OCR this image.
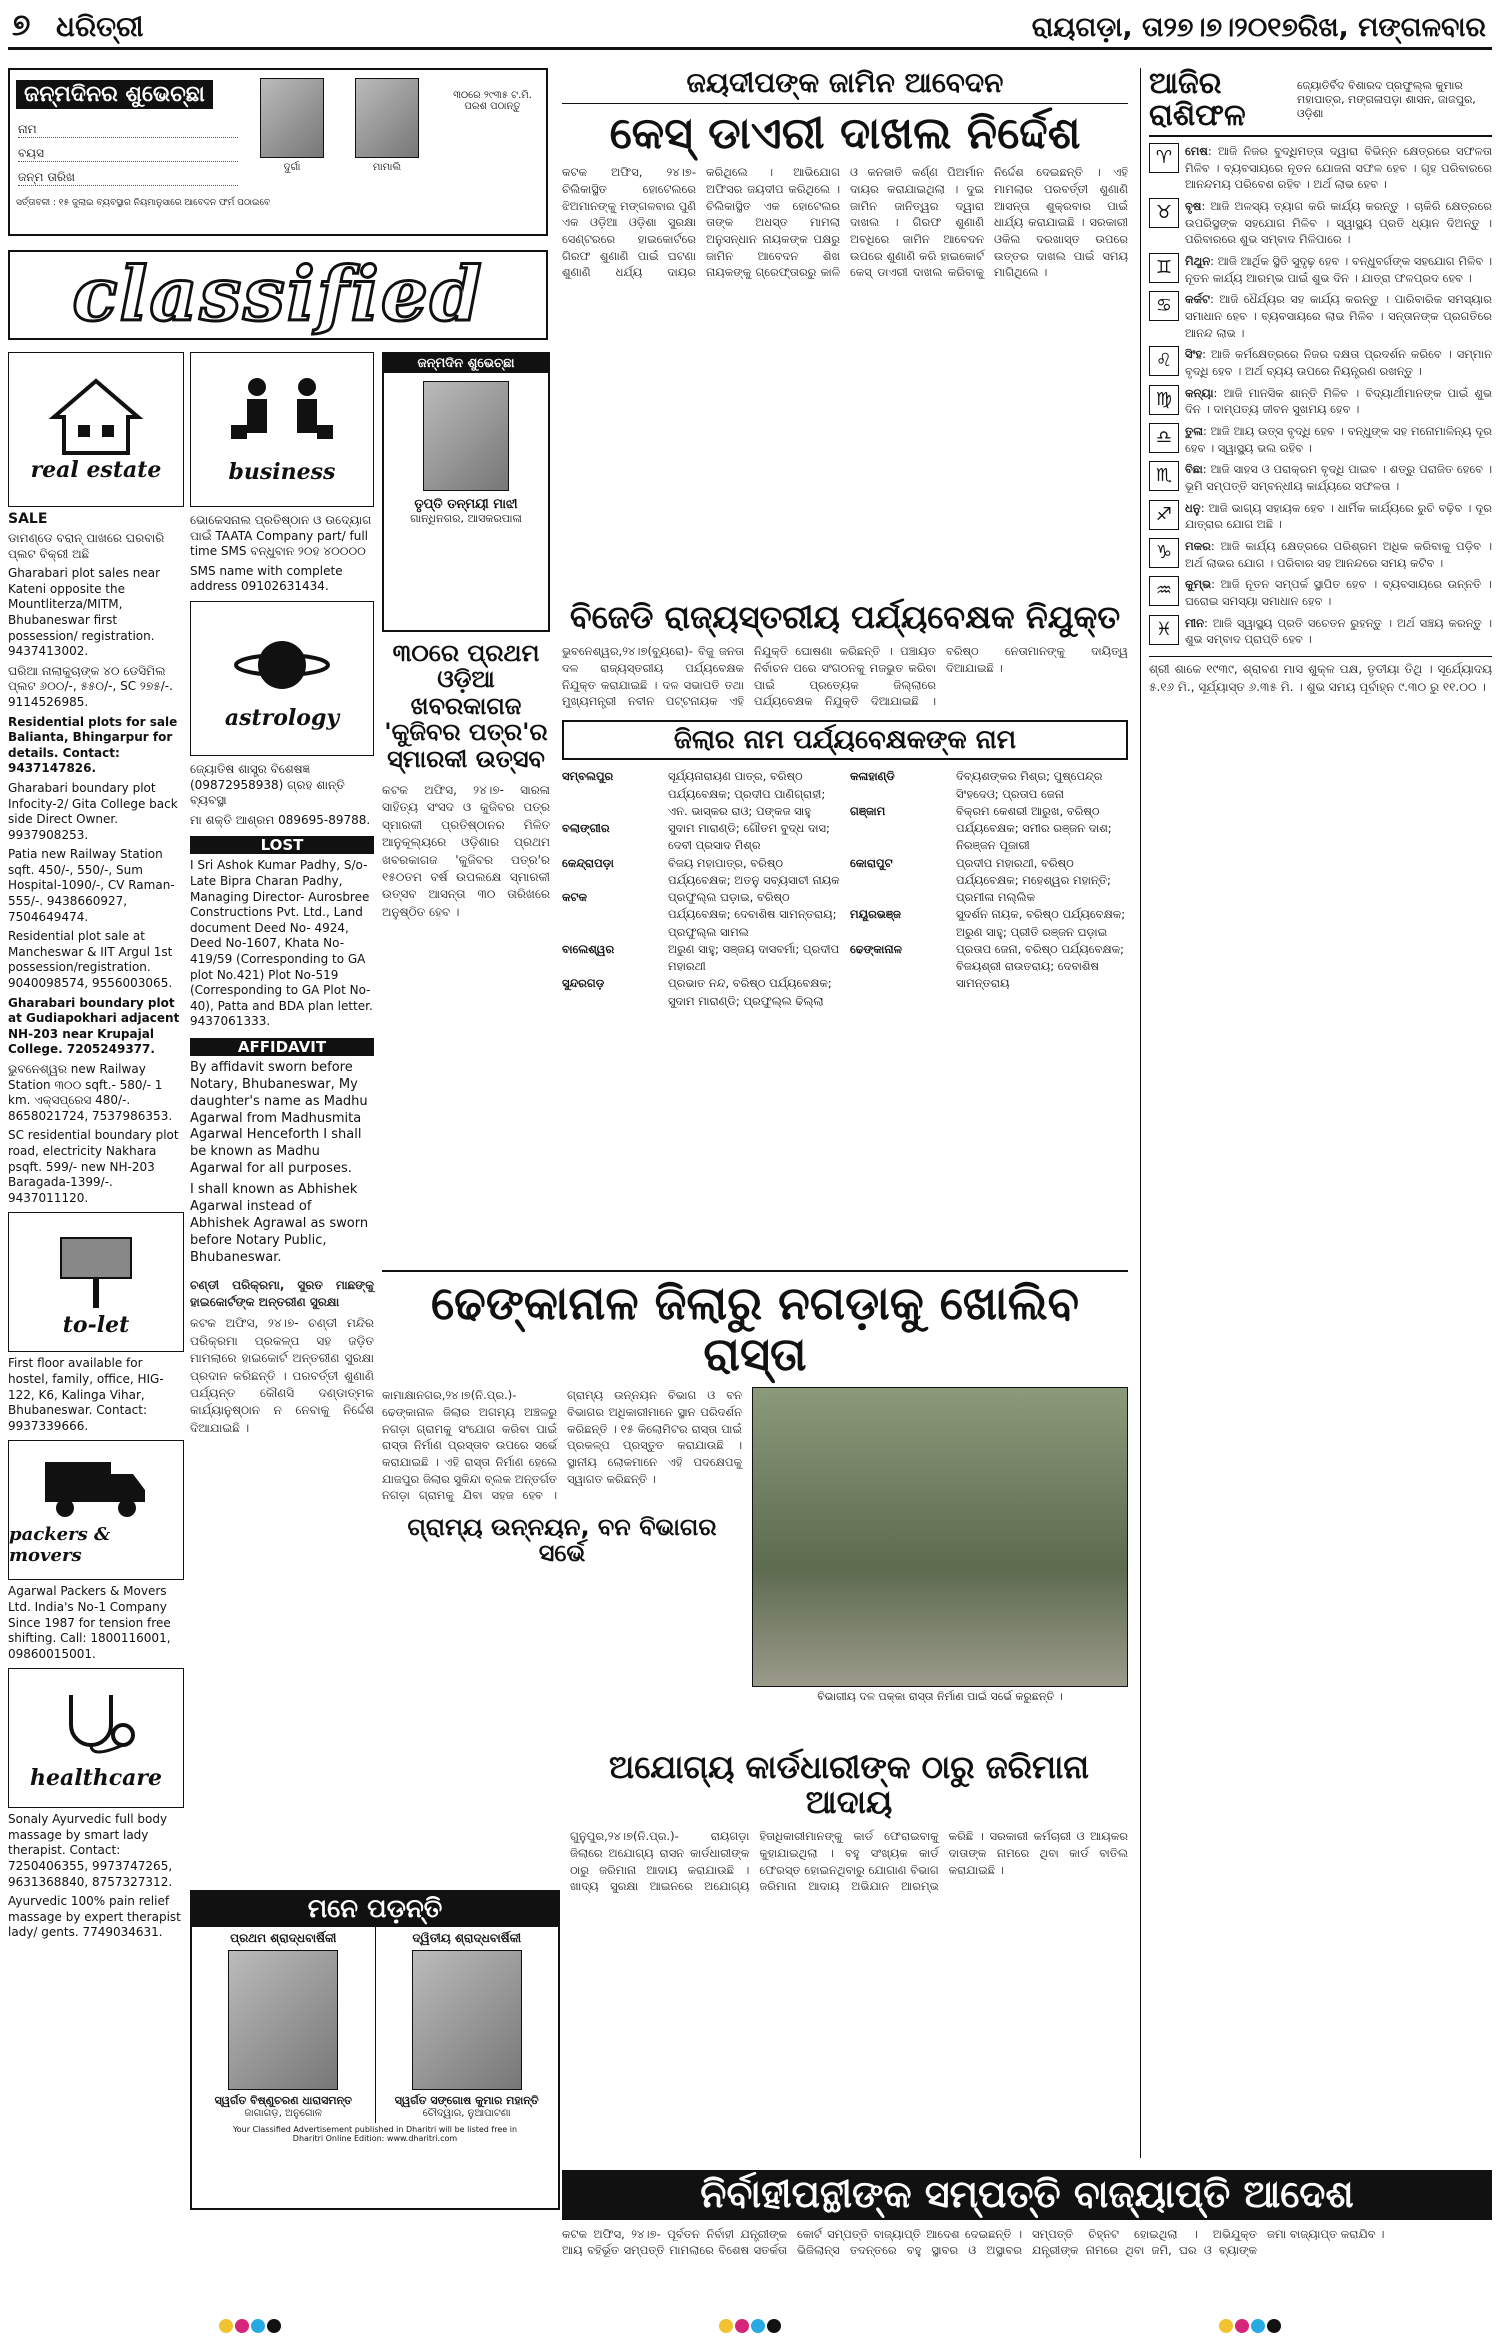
୭ ଧରିତ୍ରୀ	ରାୟଗଡ଼ା, ତା୨୭।୭।୨୦୧୭ରିଖ, ମଙ୍ଗଳବାର
ଜନ୍ମଦିନର ଶୁଭେଚ୍ଛା
ନାମ
ବୟସ
ଜନ୍ମ ତାରିଖ
ଦୁର୍ଗା	ମାମାଲି
୩୦ରେ ୨୯୩୫ ଟ.ମି. ପରଶ ପଠାନ୍ତୁ
ସର୍ତ୍ତାବଳୀ : ୧୫ ଜୁଲାଇ ବ୍ୟବସ୍ଥାର ନିୟମାନୁସାରେ ଆବେଦନ ଫର୍ମ ପଠାଇବେ
classified
real estate
SALE
ଡାମଣ୍ଡେ ବରାନ୍ ପାଖରେ ଘରବାରି ପ୍ଲଟ ବିକ୍ରୀ ଅଛି
Gharabari plot sales near Kateni opposite the Mountliterza/MITM, Bhubaneswar first possession/ registration. 9437413002.
ଘରିଆ ନାଲାକୁଚାଙ୍କ ୪୦ ଡେସିମିଲ ପ୍ଲଟ ୬୦୦/-, ୫୫୦/-, SC ୨୭୫/-. 9114526985.
Residential plots for sale Balianta, Bhingarpur for details. Contact: 9437147826.
Gharabari boundary plot Infocity-2/ Gita College back side Direct Owner. 9937908253.
Patia new Railway Station sqft. 450/-, 550/-, Sum Hospital-1090/-, CV Raman-555/-. 9438660927, 7504649474.
Residential plot sale at Mancheswar & IIT Argul 1st possession/registration. 9040098574, 9556003065.
Gharabari boundary plot at Gudiapokhari adjacent NH-203 near Krupajal College. 7205249377.
ଭୁବନେଶ୍ୱର new Railway Station ୩୦୦ sqft.- 580/- 1 km. ଏକ୍ସପ୍ରେସ 480/-. 8658021724, 7537986353.
SC residential boundary plot road, electricity Nakhara psqft. 599/- new NH-203 Baragada-1399/-. 9437011120.
to-let
First floor available for hostel, family, office, HIG-122, K6, Kalinga Vihar, Bhubaneswar. Contact: 9937339666.
packers & movers
Agarwal Packers & Movers Ltd. India's No-1 Company Since 1987 for tension free shifting. Call: 1800116001, 09860015001.
healthcare
Sonaly Ayurvedic full body massage by smart lady therapist. Contact: 7250406355, 9973747265, 9631368840, 8757327312.
Ayurvedic 100% pain relief massage by expert therapist lady/ gents. 7749034631.
business
ଭୋକେସନାଲ ପ୍ରତିଷ୍ଠାନ ଓ ଉଦ୍ୟୋଗ ପାଇଁ TAATA Company part/ full time SMS ବନ୍ଧୁବାନ ୨୦ହ ୪୦୦୦୦
SMS name with complete address 09102631434.
astrology
ଜ୍ୟୋତିଷ ଶାସ୍ତ୍ର ବିଶେଷଜ୍ଞ (09872958938) ଗ୍ରହ ଶାନ୍ତି ବ୍ୟବସ୍ଥା
ମା ଶକ୍ତି ଆଶ୍ରମ 089695-89788.
LOST
I Sri Ashok Kumar Padhy, S/o- Late Bipra Charan Padhy, Managing Director- Aurosbree Constructions Pvt. Ltd., Land document Deed No- 4924, Deed No-1607, Khata No- 419/59 (Corresponding to GA plot No.421) Plot No-519 (Corresponding to GA Plot No-40), Patta and BDA plan letter. 9437061333.
AFFIDAVIT
By affidavit sworn before Notary, Bhubaneswar, My daughter's name as Madhu Agarwal from Madhusmita Agarwal Henceforth I shall be known as Madhu Agarwal for all purposes.
I shall known as Abhishek Agarwal instead of Abhishek Agrawal as sworn before Notary Public, Bhubaneswar.
ଚଣ୍ଡୀ ପରିକ୍ରମା, ସୁରତ ମାଛଙ୍କୁ ହାଇକୋର୍ଟଙ୍କ ଅନ୍ତରୀଣ ସୁରକ୍ଷା
କଟକ ଅଫିସ, ୨୪।୭- ଚଣ୍ଡୀ ମନ୍ଦିର ପରିକ୍ରମା ପ୍ରକଳ୍ପ ସହ ଜଡ଼ିତ ମାମଲାରେ ହାଇକୋର୍ଟ ଅନ୍ତରୀଣ ସୁରକ୍ଷା ପ୍ରଦାନ କରିଛନ୍ତି । ପରବର୍ତ୍ତୀ ଶୁଣାଣି ପର୍ଯ୍ୟନ୍ତ କୌଣସି ଦଣ୍ଡାତ୍ମକ କାର୍ଯ୍ୟାନୁଷ୍ଠାନ ନ ନେବାକୁ ନିର୍ଦ୍ଦେଶ ଦିଆଯାଇଛି ।
ଜନ୍ମଦିନ ଶୁଭେଚ୍ଛା
ତୃପ୍ତି ତନ୍ମୟୀ ମାଝୀ
ଗାନ୍ଧିନଗର, ଆସକରପାଳା
୩୦ରେ ପ୍ରଥମ ଓଡ଼ିଆ ଖବରକାଗଜ 'କୁଜିବର ପତ୍ର'ର ସ୍ମାରକୀ ଉତ୍ସବ
କଟକ ଅଫିସ, ୨୪।୭- ସାରଳା ସାହିତ୍ୟ ସଂସଦ ଓ କୁଜିବର ପତ୍ର ସ୍ମାରକୀ ପ୍ରତିଷ୍ଠାନର ମିଳିତ ଆନୁକୂଲ୍ୟରେ ଓଡ଼ିଶାର ପ୍ରଥମ ଖବରକାଗଜ 'କୁଜିବର ପତ୍ର'ର ୧୫୦ତମ ବର୍ଷ ଉପଲକ୍ଷେ ସ୍ମାରକୀ ଉତ୍ସବ ଆସନ୍ତା ୩୦ ତାରିଖରେ ଅନୁଷ୍ଠିତ ହେବ ।
ଜୟଦୀପଙ୍କ ଜାମିନ ଆବେଦନ
କେସ୍ ଡାଏରୀ ଦାଖଲ ନିର୍ଦ୍ଦେଶ
କଟକ ଅଫିସ, ୨୪।୭- ଚିଲିକାସ୍ଥିତ ହୋଟେଲରେ ଝିଅମାନଙ୍କୁ ମଙ୍ଗଳବାର ପୁଣି ଏକ ଓଡ଼ିଆ ଓଡ଼ିଶା ସୁରକ୍ଷା ସେଣ୍ଟରରେ ହାଇକୋର୍ଟରେ ଗିରଫ ଶୁଣାଣି ପାଇଁ ଘଟଣା ଶୁଣାଣି ଧର୍ଯ୍ୟ ଦାୟର କରିଥିଲେ । ଆଭିଯୋଗ ଅଫିସର ଜୟଦୀପ କରିଥିଲେ । ଚିଲିକାସ୍ଥିତ ଏକ ହୋଟେଲର ତାଙ୍କ ଅଧସ୍ତ ମାମଲା ଅନୁସନ୍ଧାନ ନାୟକଙ୍କ ପକ୍ଷରୁ ଜାମିନ ଆବେଦନ ଶିଖ ନାୟକଙ୍କୁ ଗ୍ରେଫ୍ତାରରୁ କାଳି ଓ କନଜାତି କର୍ଣ୍ଣ ପିଅର୍ମାନ ଦାୟର କରାଯାଇଥିଲା । ଦୁଇ ଜାମିନ ଜାନିତ୍ୱର ଦ୍ୱାରା ଦାଖଲ । ଗିରଫ ଶୁଣାଣି ଅବଧିରେ ଜାମିନ ଆବେଦନ ଉପରେ ଶୁଣାଣି କରି ହାଇକୋର୍ଟ କେସ୍ ଡାଏରୀ ଦାଖଲ କରିବାକୁ ନିର୍ଦ୍ଦେଶ ଦେଇଛନ୍ତି । ଏହି ମାମଲାର ପରବର୍ତ୍ତୀ ଶୁଣାଣି ଆସନ୍ତା ଶୁକ୍ରବାର ପାଇଁ ଧାର୍ଯ୍ୟ କରାଯାଇଛି । ସରକାରୀ ଓକିଲ ଦରଖାସ୍ତ ଉପରେ ଉତ୍ତର ଦାଖଲ ପାଇଁ ସମୟ ମାଗିଥିଲେ ।
ବିଜେଡି ରାଜ୍ୟସ୍ତରୀୟ ପର୍ଯ୍ୟବେକ୍ଷକ ନିଯୁକ୍ତ
ଭୁବନେଶ୍ୱର,୨୪।୭(ବ୍ୟୁରୋ)- ବିଜୁ ଜନତା ଦଳ ରାଜ୍ୟସ୍ତରୀୟ ପର୍ଯ୍ୟବେକ୍ଷକ ନିଯୁକ୍ତ କରାଯାଇଛି । ଦଳ ସଭାପତି ତଥା ମୁଖ୍ୟମନ୍ତ୍ରୀ ନବୀନ ପଟ୍ଟନାୟକ ଏହି ନିଯୁକ୍ତି ଘୋଷଣା କରିଛନ୍ତି । ପଞ୍ଚାୟତ ନିର୍ବାଚନ ପରେ ସଂଗଠନକୁ ମଜଭୁତ କରିବା ପାଇଁ ପ୍ରତ୍ୟେକ ଜିଲ୍ଲାରେ ପର୍ଯ୍ୟବେକ୍ଷକ ନିଯୁକ୍ତି ଦିଆଯାଇଛି । ବରିଷ୍ଠ ନେତାମାନଙ୍କୁ ଦାୟିତ୍ୱ ଦିଆଯାଇଛି ।
ଜିଲାର ନାମ ପର୍ଯ୍ୟବେକ୍ଷକଙ୍କ ନାମ
ସମ୍ବଲପୁର	ସୂର୍ଯ୍ୟନାରାୟଣ ପାତ୍ର, ବରିଷ୍ଠ ପର୍ଯ୍ୟବେକ୍ଷକ; ପ୍ରଦୀପ ପାଣିଗ୍ରାହୀ; ଏନ. ଭାସ୍କର ରାଓ; ପଙ୍କଜ ସାହୁ
ବଲାଙ୍ଗୀର	ସୁଦାମ ମାରାଣ୍ଡି; ଗୌତମ ବୁଦ୍ଧ ଦାସ; ଦେବୀ ପ୍ରସାଦ ମିଶ୍ର
କେନ୍ଦ୍ରାପଡ଼ା	ବିଜୟ ମହାପାତ୍ର, ବରିଷ୍ଠ ପର୍ଯ୍ୟବେକ୍ଷକ; ଅତନୁ ସବ୍ୟସାଚୀ ନାୟକ
କଟକ	ପ୍ରଫୁଲ୍ଲ ଘଡ଼ାଇ, ବରିଷ୍ଠ ପର୍ଯ୍ୟବେକ୍ଷକ; ଦେବାଶିଷ ସାମନ୍ତରାୟ; ପ୍ରଫୁଲ୍ଲ ସାମଲ
ବାଲେଶ୍ୱର	ଅରୁଣ ସାହୁ; ସଞ୍ଜୟ ଦାସବର୍ମା; ପ୍ରଦୀପ ମହାରଥୀ
ସୁନ୍ଦରଗଡ଼	ପ୍ରଭାତ ନନ୍ଦ, ବରିଷ୍ଠ ପର୍ଯ୍ୟବେକ୍ଷକ; ସୁଦାମ ମାରାଣ୍ଡି; ପ୍ରଫୁଲ୍ଲ ଢିଲ୍ଲା
କଳାହାଣ୍ଡି	ଦିବ୍ୟଶଙ୍କର ମିଶ୍ର; ପୁଷ୍ପେନ୍ଦ୍ର ସିଂହଦେଓ; ପ୍ରତାପ ଜେନା
ଗଞ୍ଜାମ	ବିକ୍ରମ କେଶରୀ ଆରୁଖ, ବରିଷ୍ଠ ପର୍ଯ୍ୟବେକ୍ଷକ; ସମୀର ରଞ୍ଜନ ଦାଶ; ନିରଞ୍ଜନ ପୂଜାରୀ
କୋରାପୁଟ	ପ୍ରଦୀପ ମହାରଥୀ, ବରିଷ୍ଠ ପର୍ଯ୍ୟବେକ୍ଷକ; ମହେଶ୍ୱର ମହାନ୍ତି; ପ୍ରମୀଳା ମଲ୍ଲିକ
ମୟୂରଭଞ୍ଜ	ସୁଦର୍ଶନ ନାୟକ, ବରିଷ୍ଠ ପର୍ଯ୍ୟବେକ୍ଷକ; ଅରୁଣ ସାହୁ; ପ୍ରୀତି ରଞ୍ଜନ ଘଡ଼ାଇ
ଢେଙ୍କାନାଳ	ପ୍ରତାପ ଜେନା, ବରିଷ୍ଠ ପର୍ଯ୍ୟବେକ୍ଷକ; ବିଜୟଶ୍ରୀ ରାଉତରାୟ; ଦେବାଶିଷ ସାମନ୍ତରାୟ
ଢେଙ୍କାନାଳ ଜିଲାରୁ ନଗଡ଼ାକୁ ଖୋଲିବ ରାସ୍ତା
କାମାକ୍ଷାନଗର,୨୪।୭(ନି.ପ୍ର.)- ଢେଙ୍କାନାଳ ଜିଲାର ଅଗମ୍ୟ ଅଞ୍ଚଳରୁ ନଗଡ଼ା ଗ୍ରାମକୁ ସଂଯୋଗ କରିବା ପାଇଁ ରାସ୍ତା ନିର୍ମାଣ ପ୍ରସ୍ତାବ ଉପରେ ସର୍ଭେ କରାଯାଇଛି । ଏହି ରାସ୍ତା ନିର୍ମାଣ ହେଲେ ଯାଜପୁର ଜିଲାର ସୁକିନ୍ଦା ବ୍ଲକ ଅନ୍ତର୍ଗତ ନଗଡ଼ା ଗ୍ରାମକୁ ଯିବା ସହଜ ହେବ । ଗ୍ରାମ୍ୟ ଉନ୍ନୟନ ବିଭାଗ ଓ ବନ ବିଭାଗର ଅଧିକାରୀମାନେ ସ୍ଥାନ ପରିଦର୍ଶନ କରିଛନ୍ତି । ୧୫ କିଲୋମିଟର ରାସ୍ତା ପାଇଁ ପ୍ରକଳ୍ପ ପ୍ରସ୍ତୁତ କରାଯାଉଛି । ସ୍ଥାନୀୟ ଲୋକମାନେ ଏହି ପଦକ୍ଷେପକୁ ସ୍ୱାଗତ କରିଛନ୍ତି ।
ଗ୍ରାମ୍ୟ ଉନ୍ନୟନ, ବନ ବିଭାଗର ସର୍ଭେ
ବିଭାଗୀୟ ଦଳ ପକ୍କା ରାସ୍ତା ନିର୍ମାଣ ପାଇଁ ସର୍ଭେ କରୁଛନ୍ତି ।
ମନେ ପଡ଼ନ୍ତି
ପ୍ରଥମ ଶ୍ରାଦ୍ଧବାର୍ଷିକୀ
ସ୍ୱର୍ଗତ ବିଷ୍ଣୁଚରଣ ଧାରାସମନ୍ତ
ଜାଗାଗଡ଼, ଅନୁଗୋଳ
ଦ୍ୱିତୀୟ ଶ୍ରାଦ୍ଧବାର୍ଷିକୀ
ସ୍ୱର୍ଗତ ସଙ୍ଗୋଷ କୁମାର ମହାନ୍ତି
ଚୌଦ୍ୱାର, ନୁଆପାଟଣା
Your Classified Advertisement published in Dharitri will be listed free in Dharitri Online Edition: www.dharitri.com
ଅଯୋଗ୍ୟ କାର୍ଡଧାରୀଙ୍କ ଠାରୁ ଜରିମାନା ଆଦାୟ
ଗୁନୁପୁର,୨୪।୭(ନି.ପ୍ର.)- ରାୟଗଡ଼ା ଜିଲାରେ ଅଯୋଗ୍ୟ ରାସନ କାର୍ଡଧାରୀଙ୍କ ଠାରୁ ଜରିମାନା ଆଦାୟ କରାଯାଉଛି । ଖାଦ୍ୟ ସୁରକ୍ଷା ଆଇନରେ ଅଯୋଗ୍ୟ ହିତାଧିକାରୀମାନଙ୍କୁ କାର୍ଡ ଫେରାଇବାକୁ କୁହାଯାଇଥିଲା । ବହୁ ସଂଖ୍ୟକ କାର୍ଡ ଫେରସ୍ତ ହୋଇନଥିବାରୁ ଯୋଗାଣ ବିଭାଗ ଜରିମାନା ଆଦାୟ ଅଭିଯାନ ଆରମ୍ଭ କରିଛି । ସରକାରୀ କର୍ମଚାରୀ ଓ ଆୟକର ଦାତାଙ୍କ ନାମରେ ଥିବା କାର୍ଡ ବାତିଲ କରାଯାଇଛି ।
ନିର୍ବାହୀପନ୍ଥୀଙ୍କ ସମ୍ପତ୍ତି ବାଜ୍ୟାପ୍ତି ଆଦେଶ
କଟକ ଅଫିସ, ୨୪।୭- ପୂର୍ବତନ ନିର୍ବାହୀ ଯନ୍ତ୍ରୀଙ୍କ ଆୟ ବହିର୍ଭୂତ ସମ୍ପତ୍ତି ମାମଲାରେ ବିଶେଷ ସତର୍କତା କୋର୍ଟ ସମ୍ପତ୍ତି ବାଜ୍ୟାପ୍ତି ଆଦେଶ ଦେଇଛନ୍ତି । ଭିଜିଲାନ୍ସ ତଦନ୍ତରେ ବହୁ ସ୍ଥାବର ଓ ଅସ୍ଥାବର ସମ୍ପତ୍ତି ଚିହ୍ନଟ ହୋଇଥିଲା । ଅଭିଯୁକ୍ତ ଯନ୍ତ୍ରୀଙ୍କ ନାମରେ ଥିବା ଜମି, ଘର ଓ ବ୍ୟାଙ୍କ ଜମା ବାଜ୍ୟାପ୍ତ କରାଯିବ ।
ଆଜିର ରାଶିଫଳ
ଜ୍ୟୋତିର୍ବିଦ ବିଶାରଦ ପ୍ରଫୁଲ୍ଲ କୁମାର ମହାପାତ୍ର, ମଙ୍ଗଳାପଡ଼ା ଶାସନ, ଜାଜପୁର, ଓଡ଼ିଶା
♈	ମେଷ: ଆଜି ନିଜର ବୁଦ୍ଧିମତ୍ତା ଦ୍ୱାରା ବିଭିନ୍ନ କ୍ଷେତ୍ରରେ ସଫଳତା ମିଳିବ । ବ୍ୟବସାୟରେ ନୂତନ ଯୋଜନା ସଫଳ ହେବ । ଗୃହ ପରିବାରରେ ଆନନ୍ଦମୟ ପରିବେଶ ରହିବ । ଅର୍ଥ ଲାଭ ହେବ ।
♉	ବୃଷ: ଆଜି ଅଳସ୍ୟ ତ୍ୟାଗ କରି କାର୍ଯ୍ୟ କରନ୍ତୁ । ଚାକିରି କ୍ଷେତ୍ରରେ ଉପରିସ୍ଥଙ୍କ ସହଯୋଗ ମିଳିବ । ସ୍ୱାସ୍ଥ୍ୟ ପ୍ରତି ଧ୍ୟାନ ଦିଅନ୍ତୁ । ପରିବାରରେ ଶୁଭ ସମ୍ବାଦ ମିଳିପାରେ ।
♊	ମିଥୁନ: ଆଜି ଆର୍ଥିକ ସ୍ଥିତି ସୁଦୃଢ଼ ହେବ । ବନ୍ଧୁବର୍ଗଙ୍କ ସହଯୋଗ ମିଳିବ । ନୂତନ କାର୍ଯ୍ୟ ଆରମ୍ଭ ପାଇଁ ଶୁଭ ଦିନ । ଯାତ୍ରା ଫଳପ୍ରଦ ହେବ ।
♋	କର୍କଟ: ଆଜି ଧୈର୍ଯ୍ୟର ସହ କାର୍ଯ୍ୟ କରନ୍ତୁ । ପାରିବାରିକ ସମସ୍ୟାର ସମାଧାନ ହେବ । ବ୍ୟବସାୟରେ ଲାଭ ମିଳିବ । ସନ୍ତାନଙ୍କ ପ୍ରଗତିରେ ଆନନ୍ଦ ଲାଭ ।
♌	ସିଂହ: ଆଜି କର୍ମକ୍ଷେତ୍ରରେ ନିଜର ଦକ୍ଷତା ପ୍ରଦର୍ଶନ କରିବେ । ସମ୍ମାନ ବୃଦ୍ଧି ହେବ । ଅର୍ଥ ବ୍ୟୟ ଉପରେ ନିୟନ୍ତ୍ରଣ ରଖନ୍ତୁ ।
♍	କନ୍ୟା: ଆଜି ମାନସିକ ଶାନ୍ତି ମିଳିବ । ବିଦ୍ୟାର୍ଥୀମାନଙ୍କ ପାଇଁ ଶୁଭ ଦିନ । ଦାମ୍ପତ୍ୟ ଜୀବନ ସୁଖମୟ ହେବ ।
♎	ତୁଳା: ଆଜି ଆୟ ଉତ୍ସ ବୃଦ୍ଧି ହେବ । ବନ୍ଧୁଙ୍କ ସହ ମନୋମାଳିନ୍ୟ ଦୂର ହେବ । ସ୍ୱାସ୍ଥ୍ୟ ଭଲ ରହିବ ।
♏	ବିଛା: ଆଜି ସାହସ ଓ ପରାକ୍ରମ ବୃଦ୍ଧି ପାଇବ । ଶତ୍ରୁ ପରାଜିତ ହେବେ । ଭୂମି ସମ୍ପତ୍ତି ସମ୍ବନ୍ଧୀୟ କାର୍ଯ୍ୟରେ ସଫଳତା ।
♐	ଧନୁ: ଆଜି ଭାଗ୍ୟ ସହାୟକ ହେବ । ଧାର୍ମିକ କାର୍ଯ୍ୟରେ ରୁଚି ବଢ଼ିବ । ଦୂର ଯାତ୍ରାର ଯୋଗ ଅଛି ।
♑	ମକର: ଆଜି କାର୍ଯ୍ୟ କ୍ଷେତ୍ରରେ ପରିଶ୍ରମ ଅଧିକ କରିବାକୁ ପଡ଼ିବ । ଅର୍ଥ ଲାଭର ଯୋଗ । ପରିବାର ସହ ଆନନ୍ଦରେ ସମୟ କଟିବ ।
♒	କୁମ୍ଭ: ଆଜି ନୂତନ ସମ୍ପର୍କ ସ୍ଥାପିତ ହେବ । ବ୍ୟବସାୟରେ ଉନ୍ନତି । ଘରୋଇ ସମସ୍ୟା ସମାଧାନ ହେବ ।
♓	ମୀନ: ଆଜି ସ୍ୱାସ୍ଥ୍ୟ ପ୍ରତି ସଚେତନ ରୁହନ୍ତୁ । ଅର୍ଥ ସଞ୍ଚୟ କରନ୍ତୁ । ଶୁଭ ସମ୍ବାଦ ପ୍ରାପ୍ତି ହେବ ।
ଶ୍ରୀ ଶାକେ ୧୯୩୯, ଶ୍ରାବଣ ମାସ ଶୁକ୍ଳ ପକ୍ଷ, ତୃତୀୟା ତିଥି । ସୂର୍ଯ୍ୟୋଦୟ ୫.୧୬ ମି., ସୂର୍ଯ୍ୟାସ୍ତ ୬.୩୫ ମି. । ଶୁଭ ସମୟ ପୂର୍ବାହ୍ନ ୯.୩୦ ରୁ ୧୧.୦୦ ।
